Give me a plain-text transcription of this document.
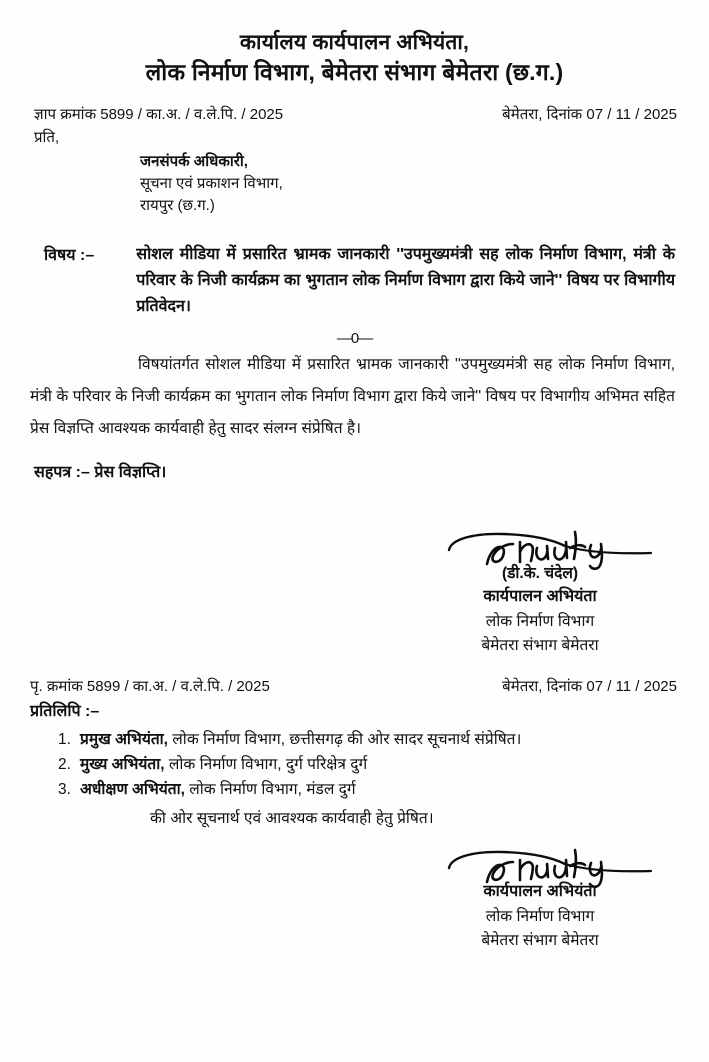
कार्यालय कार्यपालन अभियंता,
लोक निर्माण विभाग, बेमेतरा संभाग बेमेतरा (छ.ग.)
ज्ञाप क्रमांक 5899 / का.अ. / व.ले.पि. / 2025	बेमेतरा, दिनांक 07 / 11 / 2025
प्रति,
जनसंपर्क अधिकारी,
सूचना एवं प्रकाशन विभाग,
रायपुर (छ.ग.)
विषय :–	सोशल मीडिया में प्रसारित भ्रामक जानकारी ''उपमुख्यमंत्री सह लोक निर्माण विभाग, मंत्री के परिवार के निजी कार्यक्रम का भुगतान लोक निर्माण विभाग द्वारा किये जाने'' विषय पर विभागीय प्रतिवेदन।
—0—
विषयांतर्गत सोशल मीडिया में प्रसारित भ्रामक जानकारी ''उपमुख्यमंत्री सह लोक निर्माण विभाग, मंत्री के परिवार के निजी कार्यक्रम का भुगतान लोक निर्माण विभाग द्वारा किये जाने'' विषय पर विभागीय अभिमत सहित प्रेस विज्ञप्ति आवश्यक कार्यवाही हेतु सादर संलग्न संप्रेषित है।
सहपत्र :– प्रेस विज्ञप्ति।
(डी.के. चंदेल)
कार्यपालन अभियंता
लोक निर्माण विभाग
बेमेतरा संभाग बेमेतरा
पृ. क्रमांक 5899 / का.अ. / व.ले.पि. / 2025	बेमेतरा, दिनांक 07 / 11 / 2025
प्रतिलिपि :–
1. प्रमुख अभियंता, लोक निर्माण विभाग, छत्तीसगढ़ की ओर सादर सूचनार्थ संप्रेषित।
2. मुख्य अभियंता, लोक निर्माण विभाग, दुर्ग परिक्षेत्र दुर्ग
3. अधीक्षण अभियंता, लोक निर्माण विभाग, मंडल दुर्ग
की ओर सूचनार्थ एवं आवश्यक कार्यवाही हेतु प्रेषित।
कार्यपालन अभियंता
लोक निर्माण विभाग
बेमेतरा संभाग बेमेतरा
